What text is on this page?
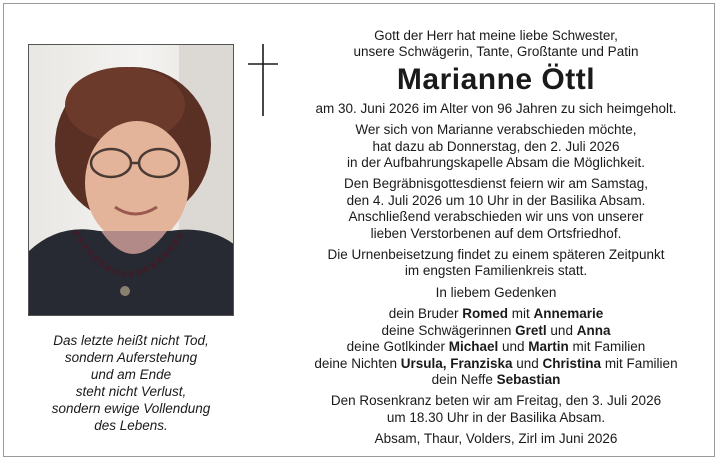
Das letzte heißt nicht Tod,
sondern Auferstehung
und am Ende
steht nicht Verlust,
sondern ewige Vollendung
des Lebens.
Gott der Herr hat meine liebe Schwester,
unsere Schwägerin, Tante, Großtante und Patin
Marianne Öttl
am 30. Juni 2026 im Alter von 96 Jahren zu sich heimgeholt.
Wer sich von Marianne verabschieden möchte,
hat dazu ab Donnerstag, den 2. Juli 2026
in der Aufbahrungskapelle Absam die Möglichkeit.
Den Begräbnisgottesdienst feiern wir am Samstag,
den 4. Juli 2026 um 10 Uhr in der Basilika Absam.
Anschließend verabschieden wir uns von unserer
lieben Verstorbenen auf dem Ortsfriedhof.
Die Urnenbeisetzung findet zu einem späteren Zeitpunkt
im engsten Familienkreis statt.
In liebem Gedenken
dein Bruder Romed mit Annemarie
deine Schwägerinnen Gretl und Anna
deine Gotlkinder Michael und Martin mit Familien
deine Nichten Ursula, Franziska und Christina mit Familien
dein Neffe Sebastian
Den Rosenkranz beten wir am Freitag, den 3. Juli 2026
um 18.30 Uhr in der Basilika Absam.
Absam, Thaur, Volders, Zirl im Juni 2026
